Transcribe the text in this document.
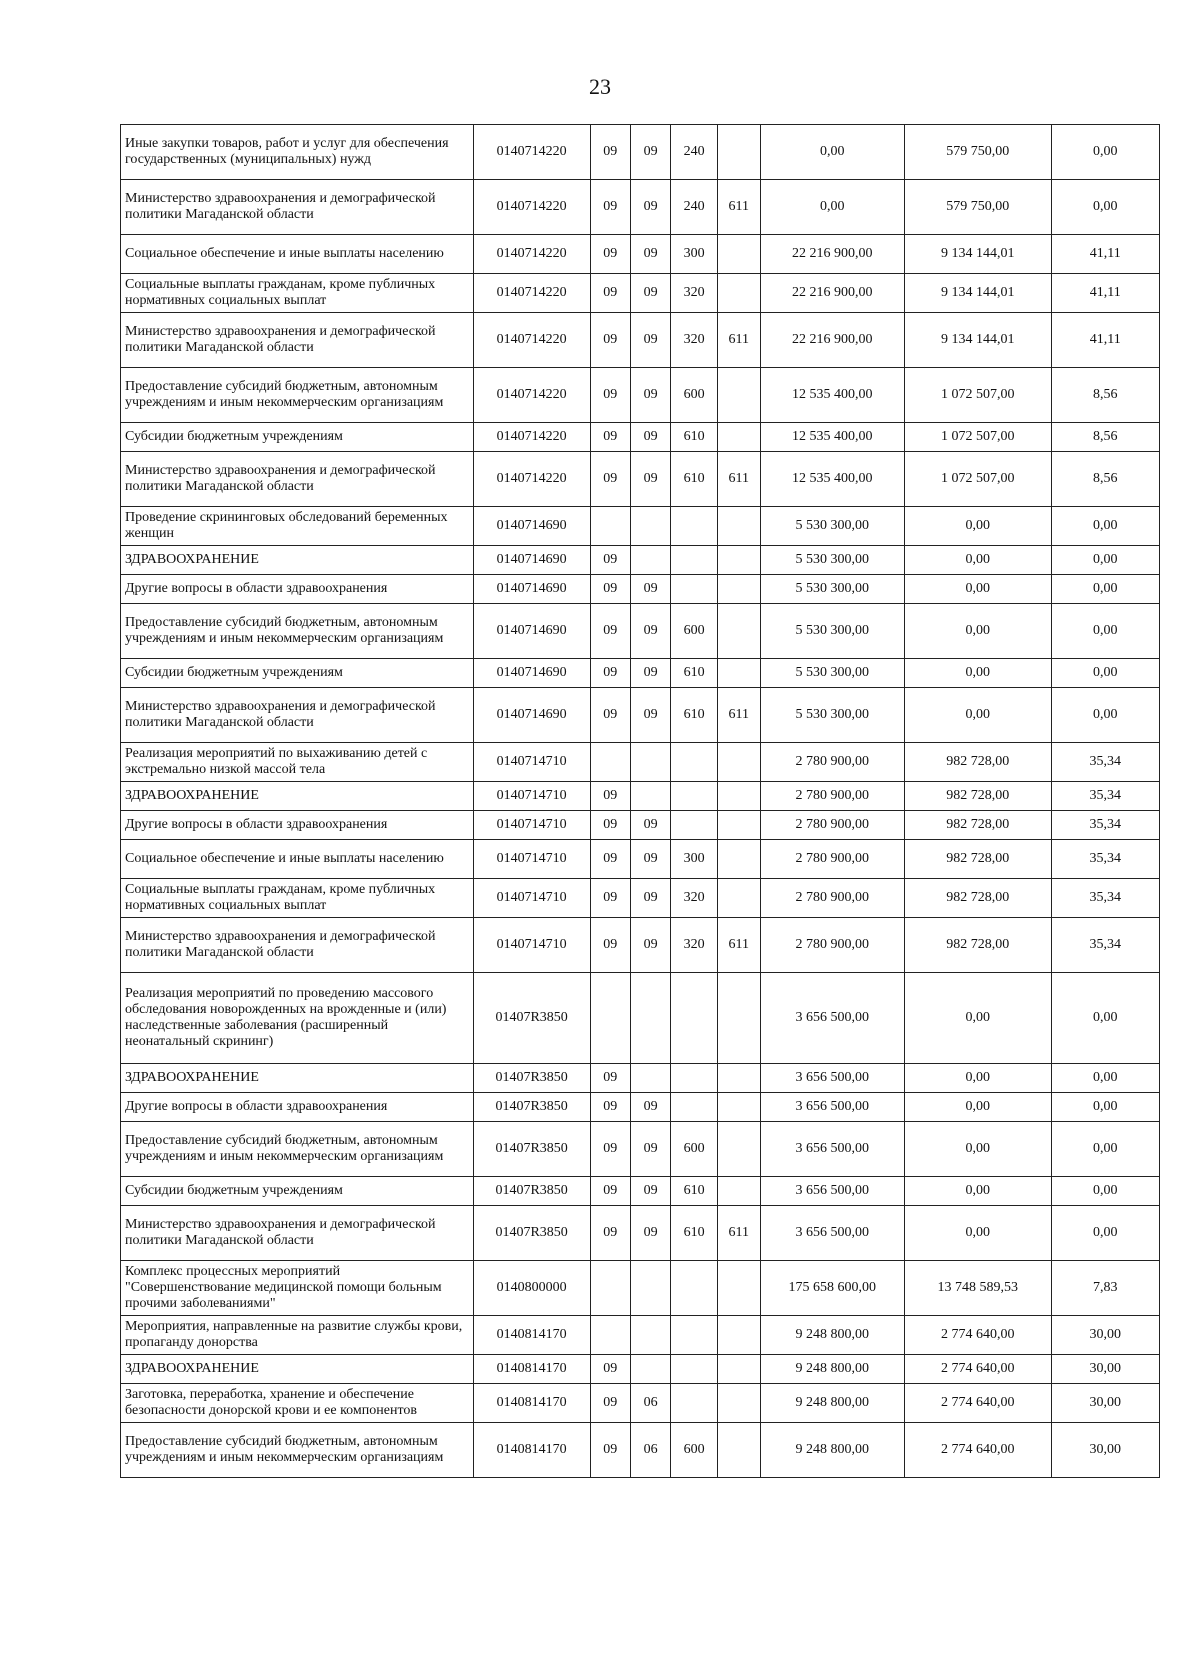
23
Иные закупки товаров, работ и услуг для обеспечения государственных (муниципальных) нужд	0140714220	09	09	240		0,00	579 750,00	0,00
Министерство здравоохранения и демографической политики Магаданской области	0140714220	09	09	240	611	0,00	579 750,00	0,00
Социальное обеспечение и иные выплаты населению	0140714220	09	09	300		22 216 900,00	9 134 144,01	41,11
Социальные выплаты гражданам, кроме публичных нормативных социальных выплат	0140714220	09	09	320		22 216 900,00	9 134 144,01	41,11
Министерство здравоохранения и демографической политики Магаданской области	0140714220	09	09	320	611	22 216 900,00	9 134 144,01	41,11
Предоставление субсидий бюджетным, автономным учреждениям и иным некоммерческим организациям	0140714220	09	09	600		12 535 400,00	1 072 507,00	8,56
Субсидии бюджетным учреждениям	0140714220	09	09	610		12 535 400,00	1 072 507,00	8,56
Министерство здравоохранения и демографической политики Магаданской области	0140714220	09	09	610	611	12 535 400,00	1 072 507,00	8,56
Проведение скрининговых обследований беременных женщин	0140714690					5 530 300,00	0,00	0,00
ЗДРАВООХРАНЕНИЕ	0140714690	09				5 530 300,00	0,00	0,00
Другие вопросы в области здравоохранения	0140714690	09	09			5 530 300,00	0,00	0,00
Предоставление субсидий бюджетным, автономным учреждениям и иным некоммерческим организациям	0140714690	09	09	600		5 530 300,00	0,00	0,00
Субсидии бюджетным учреждениям	0140714690	09	09	610		5 530 300,00	0,00	0,00
Министерство здравоохранения и демографической политики Магаданской области	0140714690	09	09	610	611	5 530 300,00	0,00	0,00
Реализация мероприятий по выхаживанию детей с экстремально низкой массой тела	0140714710					2 780 900,00	982 728,00	35,34
ЗДРАВООХРАНЕНИЕ	0140714710	09				2 780 900,00	982 728,00	35,34
Другие вопросы в области здравоохранения	0140714710	09	09			2 780 900,00	982 728,00	35,34
Социальное обеспечение и иные выплаты населению	0140714710	09	09	300		2 780 900,00	982 728,00	35,34
Социальные выплаты гражданам, кроме публичных нормативных социальных выплат	0140714710	09	09	320		2 780 900,00	982 728,00	35,34
Министерство здравоохранения и демографической политики Магаданской области	0140714710	09	09	320	611	2 780 900,00	982 728,00	35,34
Реализация мероприятий по проведению массового обследования новорожденных на врожденные и (или) наследственные заболевания (расширенный неонатальный скрининг)	01407R3850					3 656 500,00	0,00	0,00
ЗДРАВООХРАНЕНИЕ	01407R3850	09				3 656 500,00	0,00	0,00
Другие вопросы в области здравоохранения	01407R3850	09	09			3 656 500,00	0,00	0,00
Предоставление субсидий бюджетным, автономным учреждениям и иным некоммерческим организациям	01407R3850	09	09	600		3 656 500,00	0,00	0,00
Субсидии бюджетным учреждениям	01407R3850	09	09	610		3 656 500,00	0,00	0,00
Министерство здравоохранения и демографической политики Магаданской области	01407R3850	09	09	610	611	3 656 500,00	0,00	0,00
Комплекс процессных мероприятий "Совершенствование медицинской помощи больным прочими заболеваниями"	0140800000					175 658 600,00	13 748 589,53	7,83
Мероприятия, направленные на развитие службы крови, пропаганду донорства	0140814170					9 248 800,00	2 774 640,00	30,00
ЗДРАВООХРАНЕНИЕ	0140814170	09				9 248 800,00	2 774 640,00	30,00
Заготовка, переработка, хранение и обеспечение безопасности донорской крови и ее компонентов	0140814170	09	06			9 248 800,00	2 774 640,00	30,00
Предоставление субсидий бюджетным, автономным учреждениям и иным некоммерческим организациям	0140814170	09	06	600		9 248 800,00	2 774 640,00	30,00
